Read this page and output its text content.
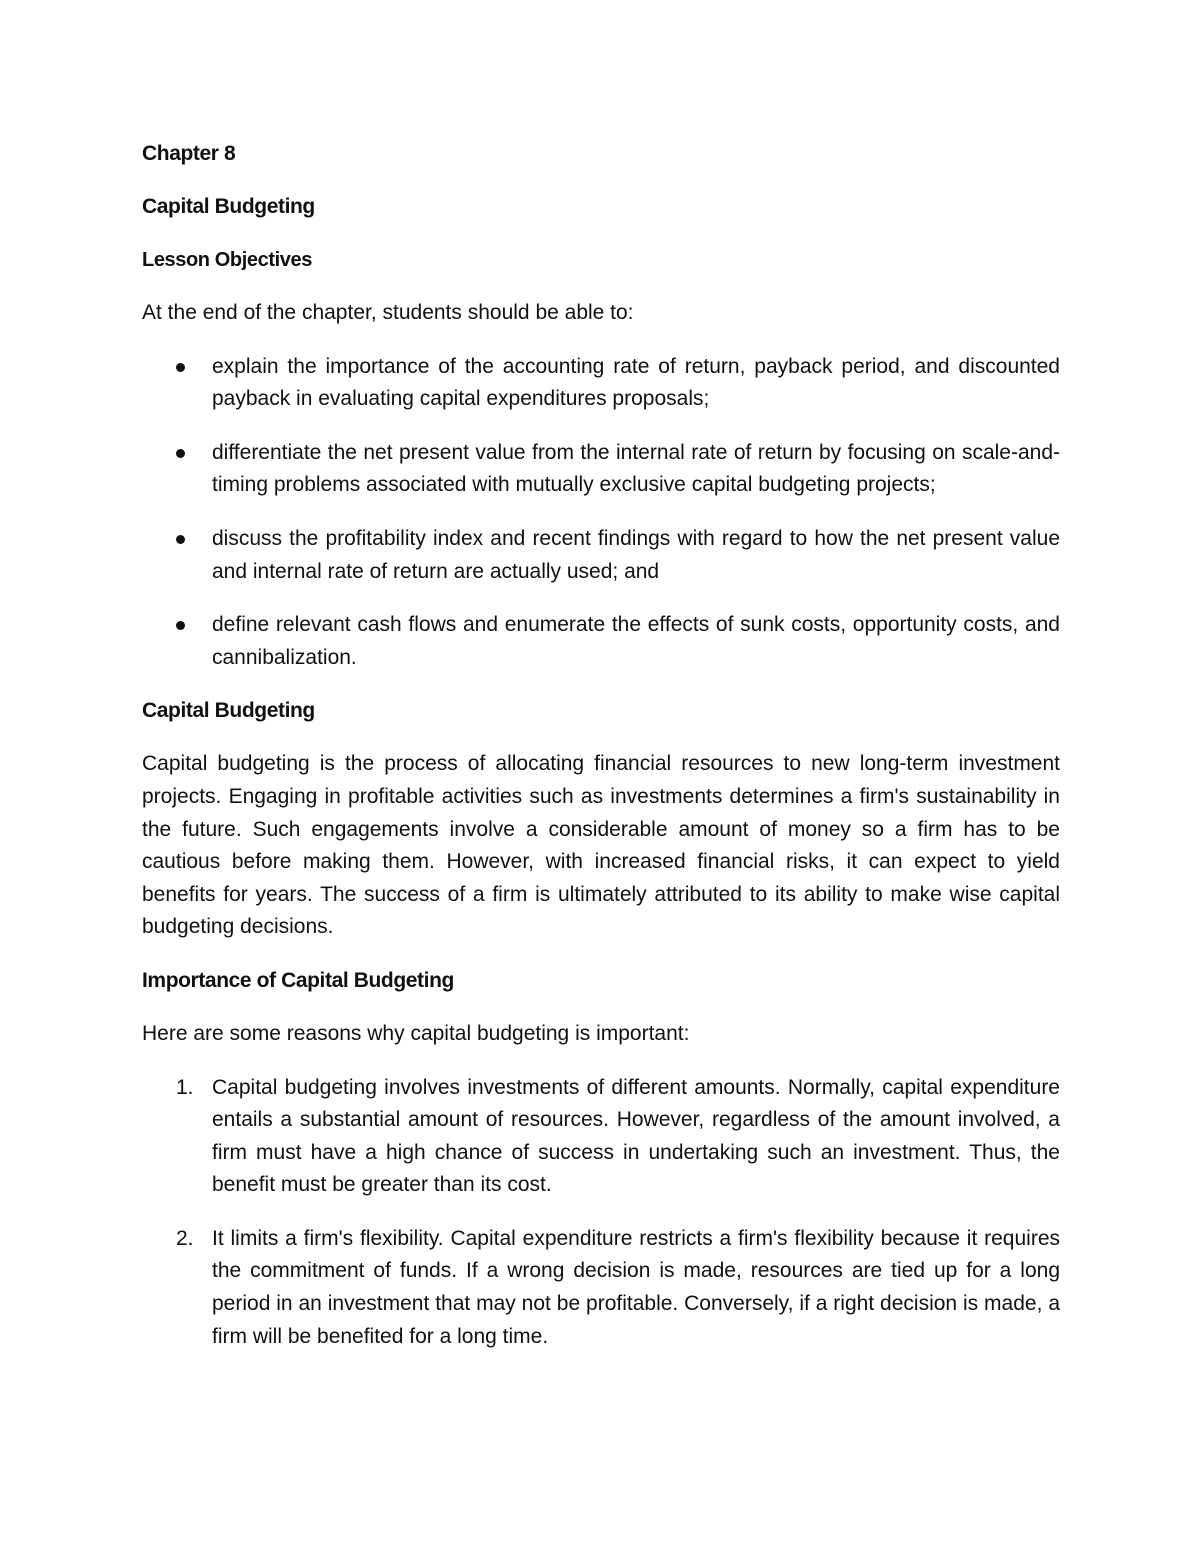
Chapter 8
Capital Budgeting
Lesson Objectives
At the end of the chapter, students should be able to:
explain the importance of the accounting rate of return, payback period, and discounted payback in evaluating capital expenditures proposals;
differentiate the net present value from the internal rate of return by focusing on scale-and-timing problems associated with mutually exclusive capital budgeting projects;
discuss the profitability index and recent findings with regard to how the net present value and internal rate of return are actually used; and
define relevant cash flows and enumerate the effects of sunk costs, opportunity costs, and cannibalization.
Capital Budgeting
Capital budgeting is the process of allocating financial resources to new long-term investment projects. Engaging in profitable activities such as investments determines a firm's sustainability in the future. Such engagements involve a considerable amount of money so a firm has to be cautious before making them. However, with increased financial risks, it can expect to yield benefits for years. The success of a firm is ultimately attributed to its ability to make wise capital budgeting decisions.
Importance of Capital Budgeting
Here are some reasons why capital budgeting is important:
1. Capital budgeting involves investments of different amounts. Normally, capital expenditure entails a substantial amount of resources. However, regardless of the amount involved, a firm must have a high chance of success in undertaking such an investment. Thus, the benefit must be greater than its cost.
2. It limits a firm's flexibility. Capital expenditure restricts a firm's flexibility because it requires the commitment of funds. If a wrong decision is made, resources are tied up for a long period in an investment that may not be profitable. Conversely, if a right decision is made, a firm will be benefited for a long time.
